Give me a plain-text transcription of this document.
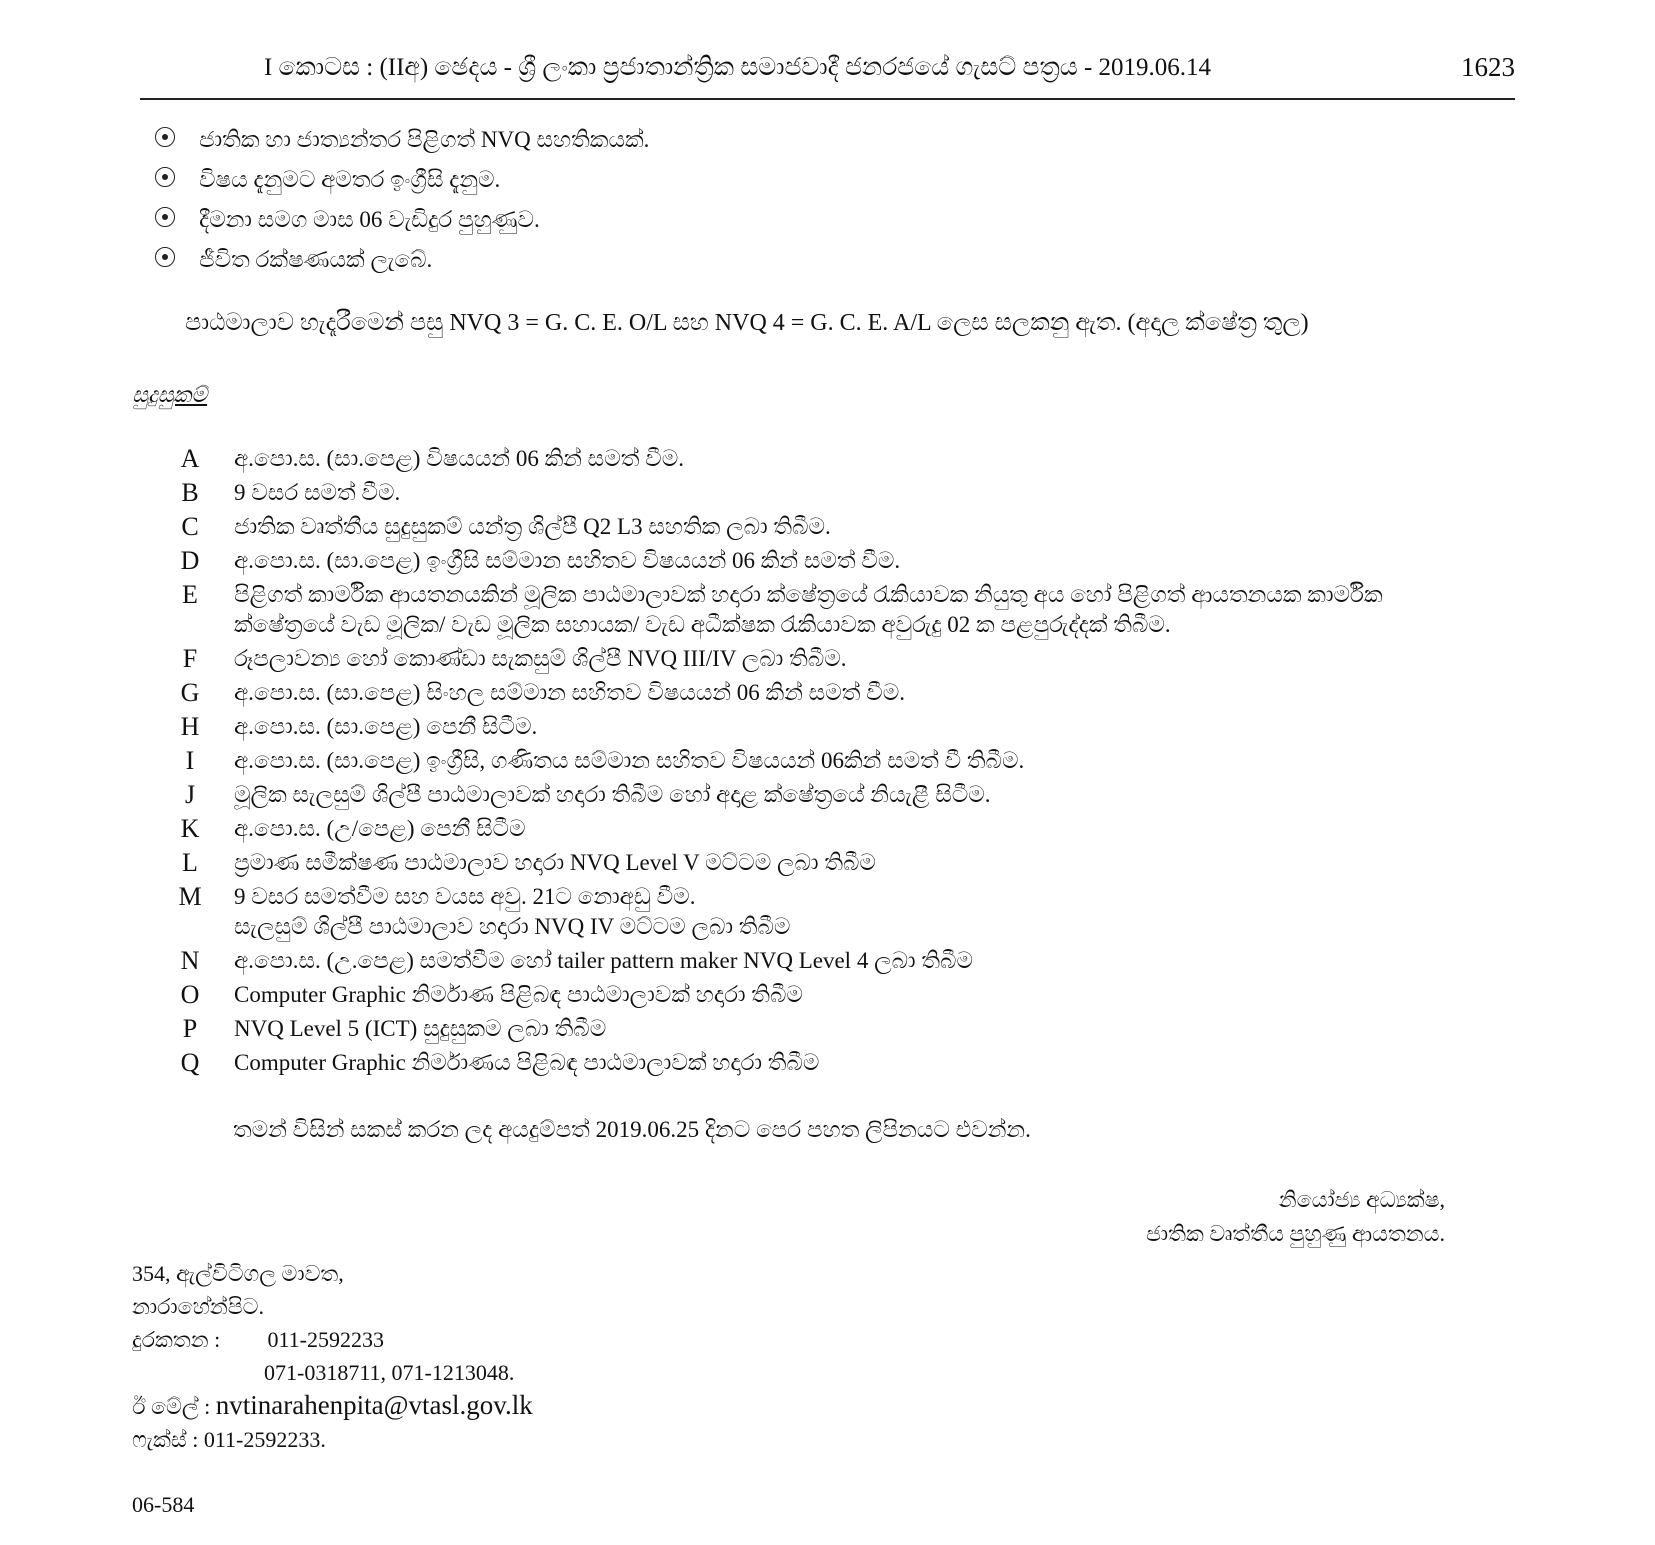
I කොටස : (IIඅ) ඡෙදය - ශ්‍රී ලංකා ප්‍රජාතාන්ත්‍රික සමාජවාදී ජනරජයේ ගැසට් පත්‍රය - 2019.06.14	1623
ජාතික හා ජාත්‍යන්තර පිළිගත් NVQ සහතිකයක්.
විෂය දැනුමට අමතර ඉංග්‍රීසි දැනුම.
දීමනා සමග මාස 06 වැඩිදුර පුහුණුව.
ජීවිත රක්ෂණයක් ලැබේ.
පාඨමාලාව හැදෑරීමෙන් පසු NVQ 3 = G. C. E. O/L සහ NVQ 4 = G. C. E. A/L ලෙස සලකනු ඇත. (අදාල ක්ෂේත්‍ර තුල)
සුදුසුකම්
A	අ.පො.ස. (සා.පෙළ) විෂයයන් 06 කින් සමත් වීම.
B	9 වසර සමත් වීම.
C	ජාතික වෘත්තීය සුදුසුකම් යන්ත්‍ර ශිල්පී Q2 L3 සහතික ලබා තිබීම.
D	අ.පො.ස. (සා.පෙළ) ඉංග්‍රීසි සම්මාන සහිතව විෂයයන් 06 කින් සමත් වීම.
E	පිළිගත් කාර්මික ආයතනයකින් මූලික පාඨමාලාවක් හදාරා ක්ෂේත්‍රයේ රැකියාවක නියුතු අය හෝ පිළිගත් ආයතනයක කාර්මික
ක්ෂේත්‍රයේ වැඩ මූලික/ වැඩ මූලික සහායක/ වැඩ අධීක්ෂක රැකියාවක අවුරුදු 02 ක පළපුරුද්දක් තිබීම.
F	රූපලාවන්‍ය හෝ කොණ්ඩා සැකසුම් ශිල්පී NVQ III/IV ලබා තිබීම.
G	අ.පො.ස. (සා.පෙළ) සිංහල සම්මාන සහිතව විෂයයන් 06 කින් සමත් වීම.
H	අ.පො.ස. (සා.පෙළ) පෙනී සිටීම.
I	අ.පො.ස. (සා.පෙළ) ඉංග්‍රීසි, ගණිතය සම්මාන සහිතව විෂයයන් 06කින් සමත් වී තිබීම.
J	මූලික සැලසුම් ශිල්පී පාඨමාලාවක් හදාරා තිබීම හෝ අදාළ ක්ෂේත්‍රයේ නියැළී සිටීම.
K	අ.පො.ස. (උ/පෙළ) පෙනී සිටීම
L	ප්‍රමාණ සමීක්ෂණ පාඨමාලාව හදාරා NVQ Level V මට්ටම ලබා තිබීම
M	9 වසර සමත්වීම සහ වයස අවු. 21ට නොඅඩු වීම.
සැලසුම් ශිල්පී පාඨමාලාව හදාරා NVQ IV මට්ටම ලබා තිබීම
N	අ.පො.ස. (උ.පෙළ) සමත්වීම හෝ tailer pattern maker NVQ Level 4 ලබා තිබීම
O	Computer Graphic නිර්මාණ පිළිබඳ පාඨමාලාවක් හදාරා තිබීම
P	NVQ Level 5 (ICT) සුදුසුකම ලබා තිබීම
Q	Computer Graphic නිර්මාණය පිළිබඳ පාඨමාලාවක් හදාරා තිබීම
තමන් විසින් සකස් කරන ලද අයදුම්පත් 2019.06.25 දිනට පෙර පහත ලිපිනයට එවන්න.
නියෝජ්‍ය අධ්‍යක්ෂ,
ජාතික වෘත්තීය පුහුණු ආයතනය.
354, ඇල්විටිගල මාවත,
නාරාහේන්පිට.
දුරකතන : 011-2592233
071-0318711, 071-1213048.
ඊ මේල් : nvtinarahenpita@vtasl.gov.lk
ෆැක්ස් : 011-2592233.
06-584
